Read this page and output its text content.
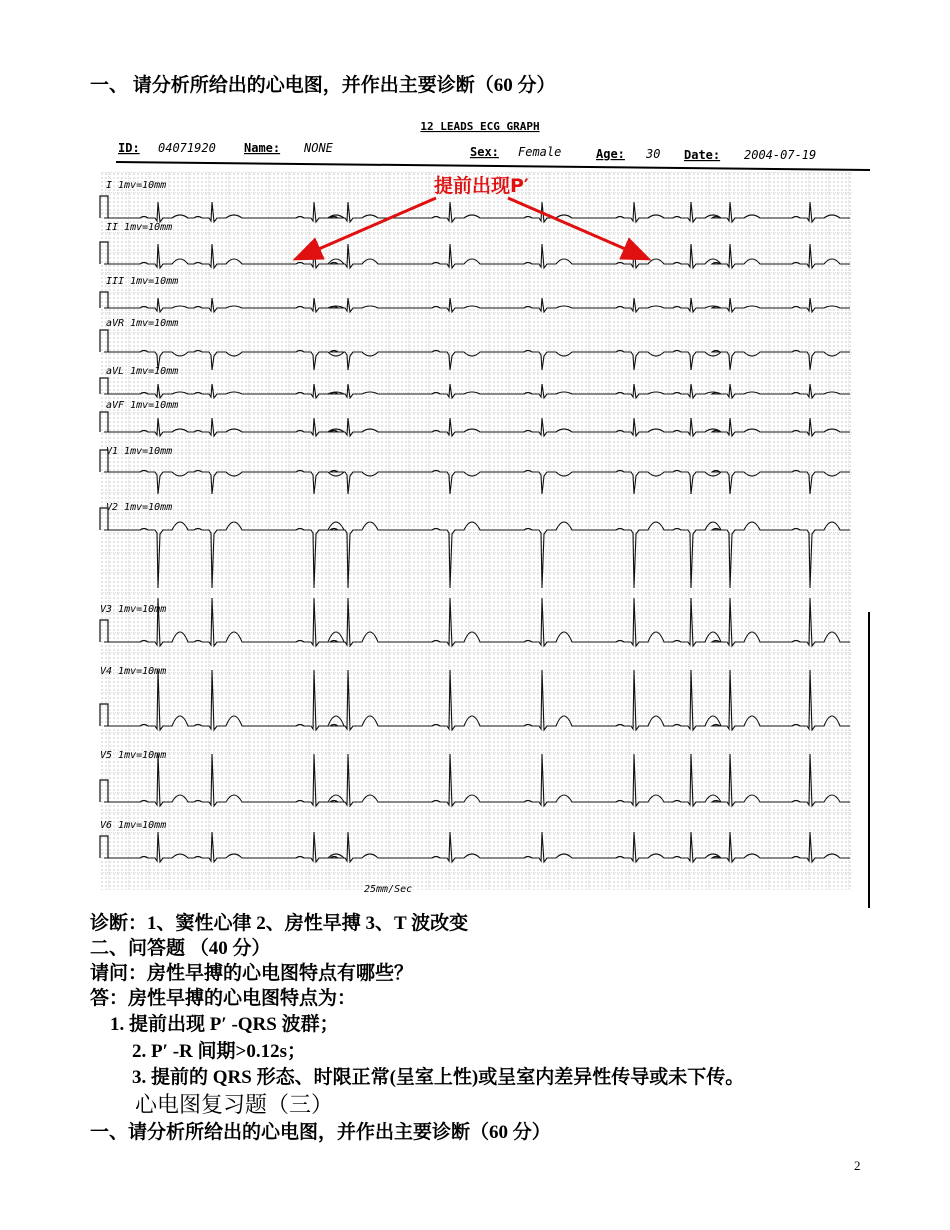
一、 请分析所给出的心电图，并作出主要诊断（60 分）
12 LEADS ECG GRAPH
ID: 04071920 Name: NONE	Sex: Female	Age: 30 Date: 2004-07-19
I 1mv=10mm
II 1mv=10mm
III 1mv=10mm
aVR 1mv=10mm
aVL 1mv=10mm
aVF 1mv=10mm
V1 1mv=10mm
V2 1mv=10mm
V3 1mv=10mm
V4 1mv=10mm
V5 1mv=10mm
V6 1mv=10mm
25mm/Sec
提前出现P′
诊断：1、窦性心律 2、房性早搏 3、T 波改变
二、问答题 （40 分）
请问：房性早搏的心电图特点有哪些？
答：房性早搏的心电图特点为：
1. 提前出现 P′ -QRS 波群；
2. P′ -R 间期>0.12s；
3. 提前的 QRS 形态、时限正常(呈室上性)或呈室内差异性传导或未下传。
心电图复习题（三）
一、请分析所给出的心电图，并作出主要诊断（60 分）
2
